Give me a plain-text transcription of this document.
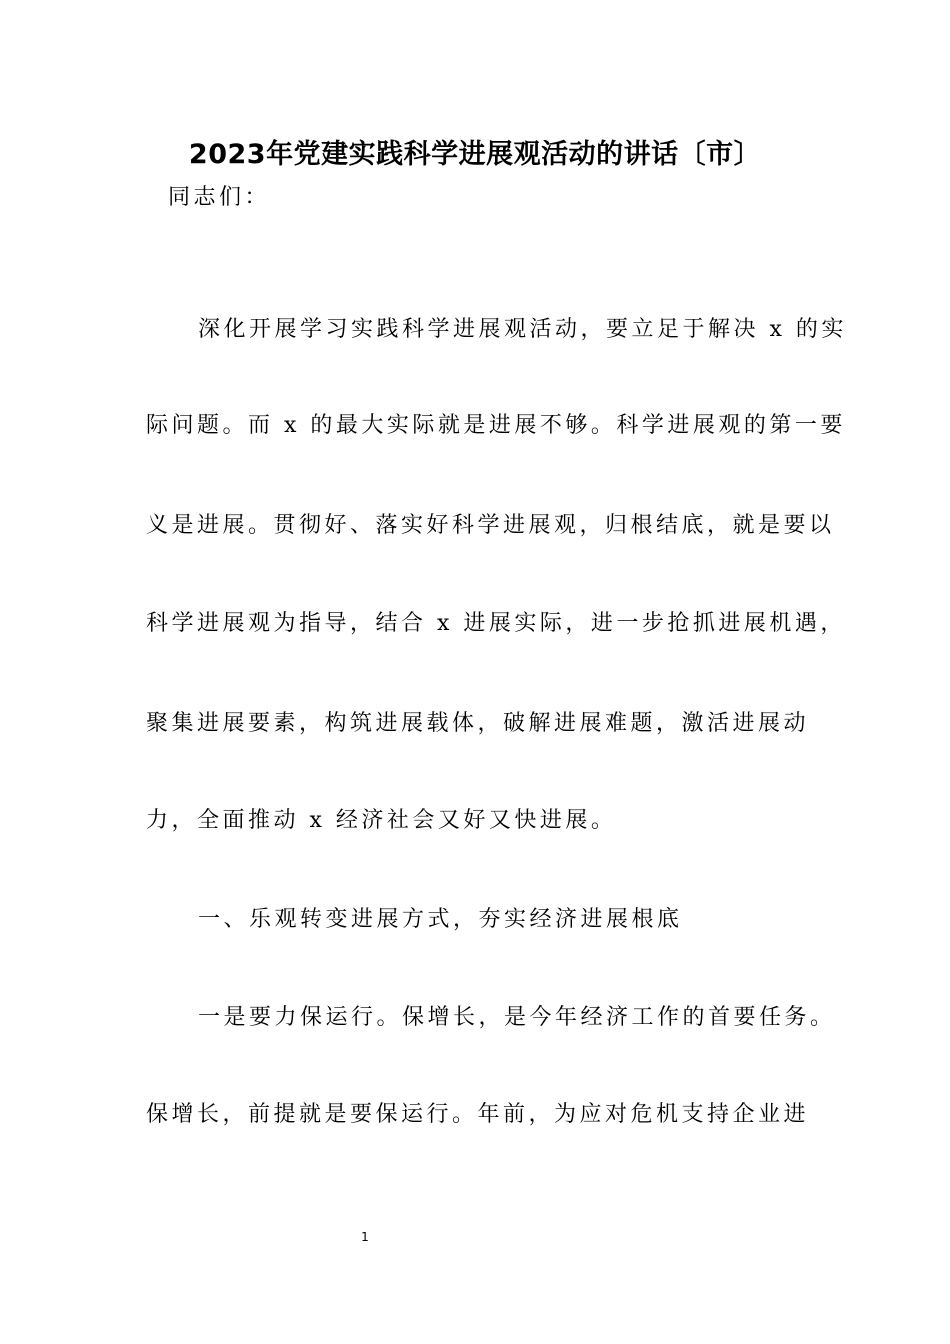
2023年党建实践科学进展观活动的讲话〔市〕
同志们：
深化开展学习实践科学进展观活动，要立足于解决 x 的实
际问题。而 x 的最大实际就是进展不够。科学进展观的第一要
义是进展。贯彻好、落实好科学进展观，归根结底，就是要以
科学进展观为指导，结合 x 进展实际，进一步抢抓进展机遇，
聚集进展要素，构筑进展载体，破解进展难题，激活进展动
力，全面推动 x 经济社会又好又快进展。
一、乐观转变进展方式，夯实经济进展根底
一是要力保运行。保增长，是今年经济工作的首要任务。
保增长，前提就是要保运行。年前，为应对危机支持企业进
1
